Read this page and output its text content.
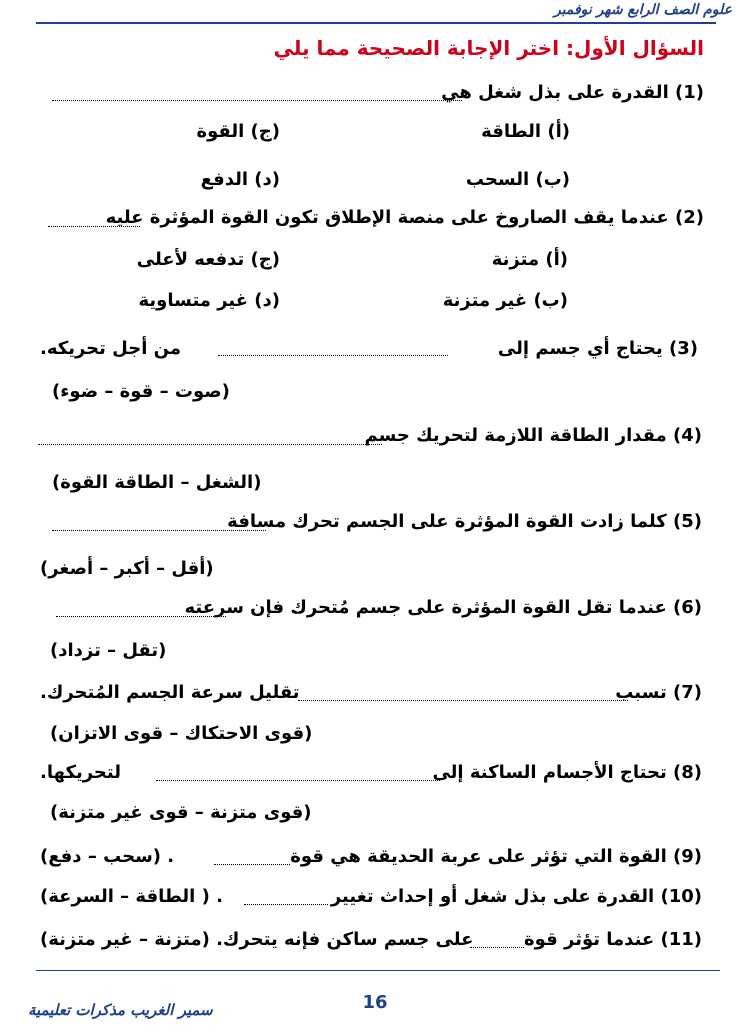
علوم الصف الرابع شهر نوفمبر
السؤال الأول: اختر الإجابة الصحيحة مما يلي
(1) القدرة على بذل شغل هي
(أ) الطاقة
(ج) القوة
(ب) السحب
(د) الدفع
(2) عندما يقف الصاروخ على منصة الإطلاق تكون القوة المؤثرة عليه
(أ) متزنة
(ج) تدفعه لأعلى
(ب) غير متزنة
(د) غير متساوية
(3) يحتاج أي جسم إلى
من أجل تحريكه.
(صوت – قوة – ضوء)
(4) مقدار الطاقة اللازمة لتحريك جسم
(الشغل – الطاقة القوة)
(5) كلما زادت القوة المؤثرة على الجسم تحرك مسافة
(أقل – أكبر – أصغر)
(6) عندما تقل القوة المؤثرة على جسم مُتحرك فإن سرعته
(تقل – تزداد)
(7) تسبب
تقليل سرعة الجسم المُتحرك.
(قوى الاحتكاك – قوى الاتزان)
(8) تحتاج الأجسام الساكنة إلى
لتحريكها.
(قوى متزنة – قوى غير متزنة)
(9) القوة التي تؤثر على عربة الحديقة هي قوة
. (سحب – دفع)
(10) القدرة على بذل شغل أو إحداث تغيير
. ( الطاقة – السرعة)
(11) عندما تؤثر قوة
على جسم ساكن فإنه يتحرك. (متزنة – غير متزنة)
16
سمير الغريب مذكرات تعليمية
